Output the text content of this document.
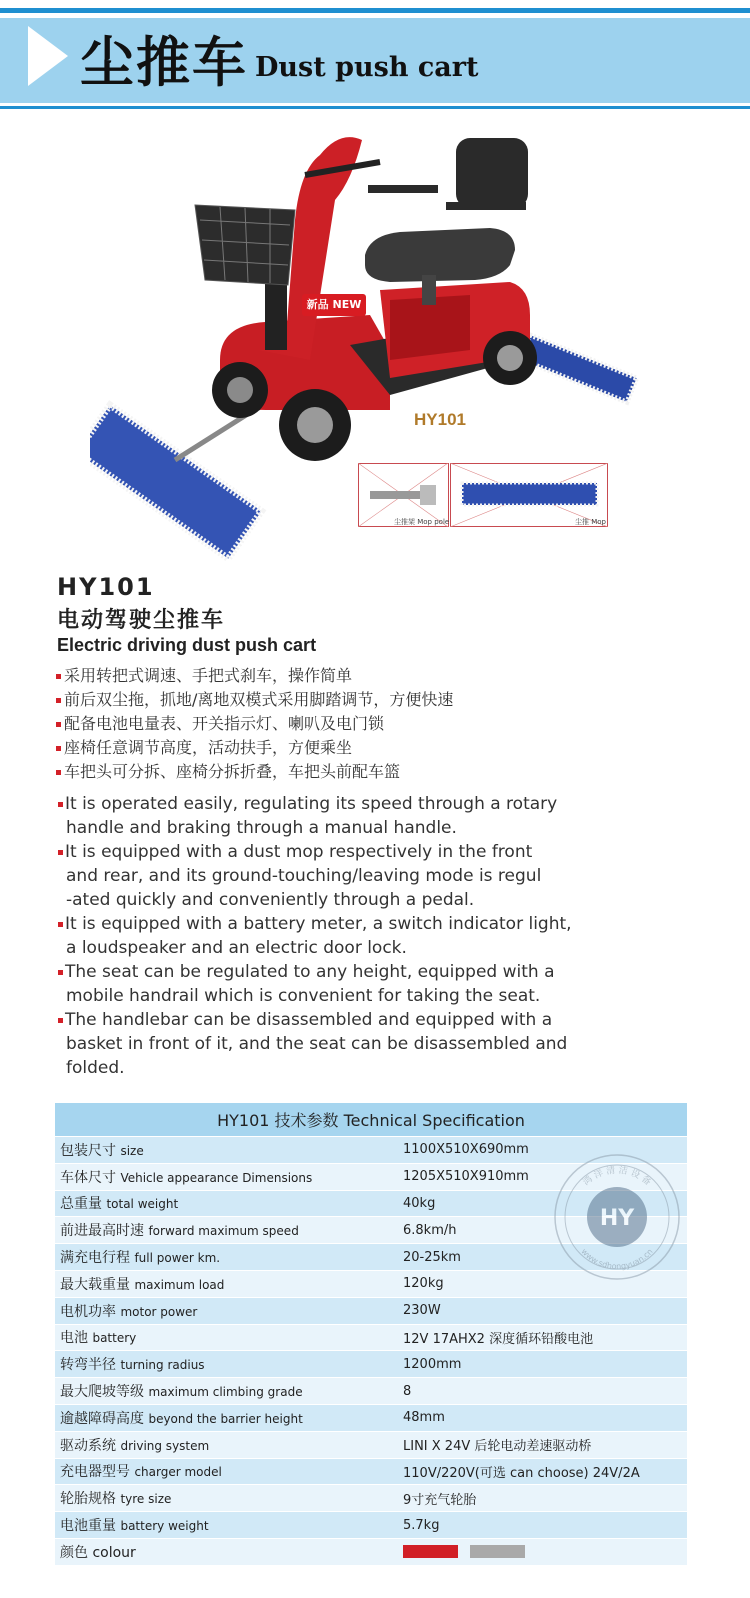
尘推车 Dust push cart
新品 NEW
HY101
尘推架 Mop pole	尘推 Mop
HY101
电动驾驶尘推车
Electric driving dust push cart
采用转把式调速、手把式刹车，操作简单
前后双尘拖，抓地/离地双模式采用脚踏调节，方便快速
配备电池电量表、开关指示灯、喇叭及电门锁
座椅任意调节高度，活动扶手，方便乘坐
车把头可分拆、座椅分拆折叠，车把头前配车篮
It is operated easily, regulating its speed through a rotary
handle and braking through a manual handle.
It is equipped with a dust mop respectively in the front
and rear, and its ground-touching/leaving mode is regul
-ated quickly and conveniently through a pedal.
It is equipped with a battery meter, a switch indicator light,
a loudspeaker and an electric door lock.
The seat can be regulated to any height, equipped with a
mobile handrail which is convenient for taking the seat.
The handlebar can be disassembled and equipped with a
basket in front of it, and the seat can be disassembled and
folded.
HY101 技术参数 Technical Specification
包装尺寸 size	1100X510X690mm
车体尺寸 Vehicle appearance Dimensions	1205X510X910mm
总重量 total weight	40kg
前进最高时速 forward maximum speed	6.8km/h
满充电行程 full power km.	20-25km
最大载重量 maximum load	120kg
电机功率 motor power	230W
电池 battery	12V 17AHX2 深度循环铅酸电池
转弯半径 turning radius	1200mm
最大爬坡等级 maximum climbing grade	8
逾越障碍高度 beyond the barrier height	48mm
驱动系统 driving system	LINI X 24V 后轮电动差速驱动桥
充电器型号 charger model	110V/220V(可选 can choose) 24V/2A
轮胎规格 tyre size	9寸充气轮胎
电池重量 battery weight	5.7kg
颜色 colour
HY
鸿 洋 清 洁 设 备
www.sdhongyuan.cn
